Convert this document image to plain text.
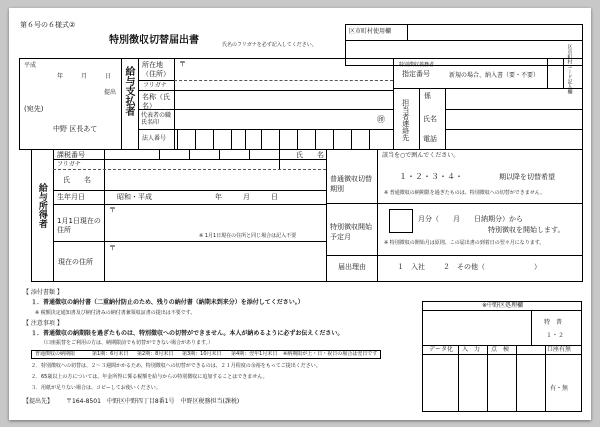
第６号の６様式②
特別徴収切替届出書	氏名のフリガナを必ず記入してください。
区市町村使用欄
区市町村コード記入欄
平成
年　　　月　　　日
提出
(宛先)
中野 区長あて
給与支払者
所在地（住所）
〒
フリガナ
名称（氏名）
代表者の職氏名印	㊞
法人番号
特別徴収義務者
指定番号	新規の場合、納入書（要・不要）
担当者連絡先
係
氏名
電話
給与所得者
課税番号
フリガナ
氏　　名
氏　　名
生年月日	昭和・平成	年　　　月　　　日
1月1日現在の住所
〒
※ 1月1日現在の住所と同じ場合は記入不要
現在の住所
〒
該当を○で囲んでください。
普通徴収切替期別
１・２・３・４・	期以降を切替希望
※ 普通徴収の納期限を過ぎたものは、特別徴収への切替ができません。
特別徴収開始予定月
月分（　　月　　日納期分）から
特別徴収を開始します。
※ 特別徴収の開始月は原則、この届出書の到着日の翌々月になります。
届出理由	１　入社	２　その他（　　　　　　　）
【 添付書類 】
１．普通徴収の納付書（二重納付防止のため、残りの納付書（納期未到来分）を添付してください。）
※ 税額決定通知書及び納付済みの納付書兼領収証書の提出は不要です。
【 注意事項 】
１．普通徴収の納期限を過ぎたものは、特別徴収への切替ができません。本人が納めるように必ずお伝えください。
（口座振替をご利用の方は、納期限前でも切替ができない場合があります。）
普通徴収の納期限	第1期：6月末日 第2期：8月末日 第3期：10月末日 第4期：翌年1月末日 ※納期限が土・日・祝日の場合は翌日です
２．特別徴収への切替は、２～３週間かかるため、特別徴収への切替ができるのは、２１月程度の余裕をもってご提出ください。
２．65歳以上の方については、年金所得に係る税額を給与からの特別徴収に追加することはできません。
３．用紙が足りない場合は、コピーしてお使いください。
【提出先】 〒164-8501　中野区中野四丁目8番1号　中野区税務担当(課税)
※中野区処理欄
特　普
１・２
データ化 入　力 点　検	口座有無
有・無
